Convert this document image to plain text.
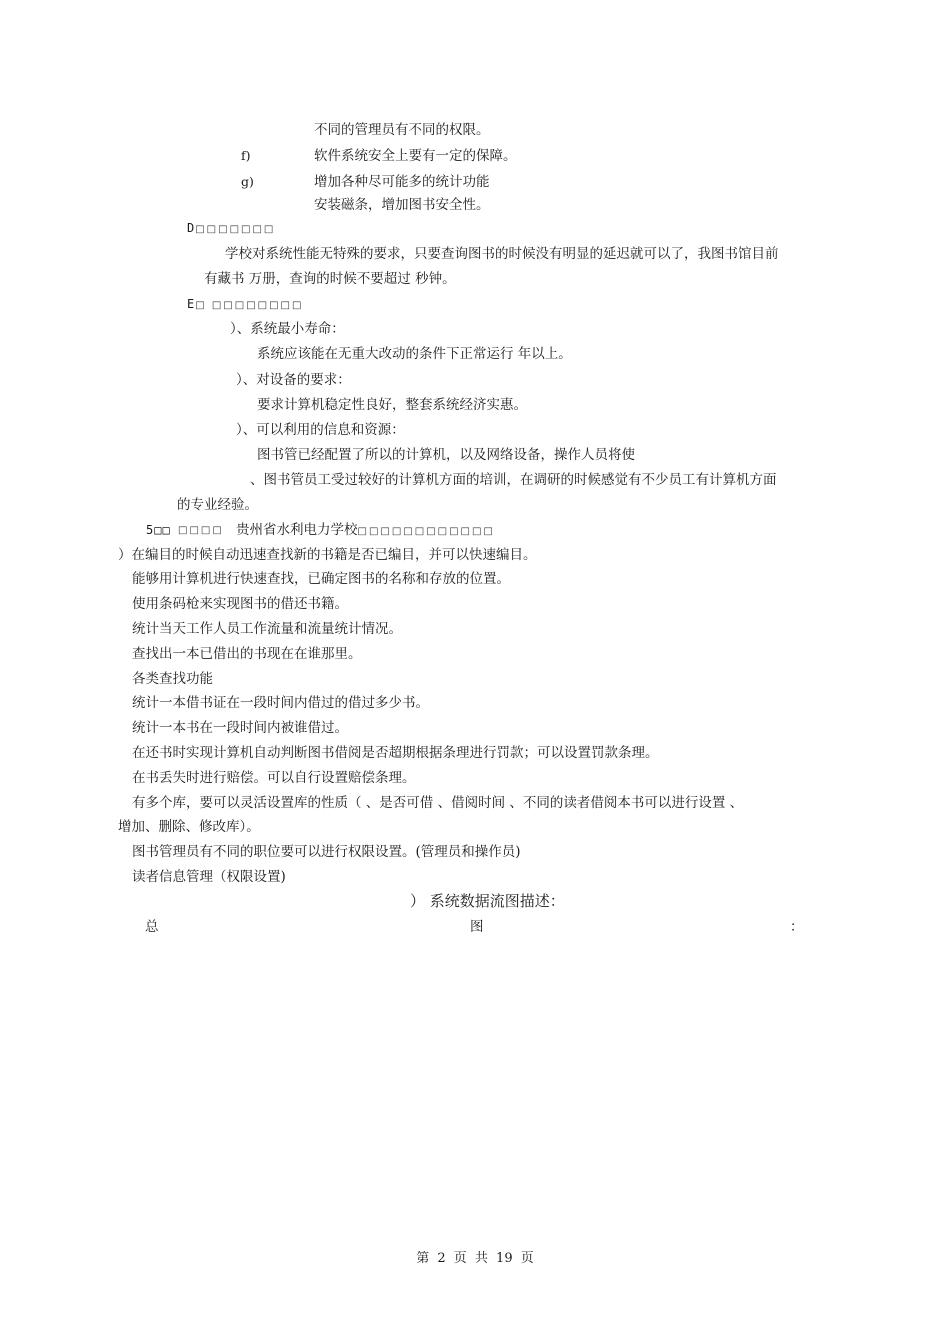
不同的管理员有不同的权限。
f)	软件系统安全上要有一定的保障。
g)	增加各种尽可能多的统计功能
安装磁条，增加图书安全性。
D□□□□□□□
学校对系统性能无特殊的要求，只要查询图书的时候没有明显的延迟就可以了，我图书馆目前
有藏书 万册，查询的时候不要超过 秒钟。
E□ □□□□□□□□
）、系统最小寿命：
系统应该能在无重大改动的条件下正常运行 年以上。
）、对设备的要求：
要求计算机稳定性良好，整套系统经济实惠。
）、可以利用的信息和资源：
图书管已经配置了所以的计算机，以及网络设备，操作人员将使
、图书管员工受过较好的计算机方面的培训，在调研的时候感觉有不少员工有计算机方面
的专业经验。
5□□ □□□□ 贵州省水利电力学校□□□□□□□□□□□□
）在编目的时候自动迅速查找新的书籍是否已编目，并可以快速编目。
能够用计算机进行快速查找，已确定图书的名称和存放的位置。
使用条码枪来实现图书的借还书籍。
统计当天工作人员工作流量和流量统计情况。
查找出一本已借出的书现在在谁那里。
各类查找功能
统计一本借书证在一段时间内借过的借过多少书。
统计一本书在一段时间内被谁借过。
在还书时实现计算机自动判断图书借阅是否超期根据条理进行罚款；可以设置罚款条理。
在书丢失时进行赔偿。可以自行设置赔偿条理。
有多个库，要可以灵活设置库的性质（ 、是否可借 、借阅时间 、不同的读者借阅本书可以进行设置 、
增加、删除、修改库）。
图书管理员有不同的职位要可以进行权限设置。(管理员和操作员)
读者信息管理（权限设置)
） 系统数据流图描述：
总	图	：
第 2 页 共 19 页
